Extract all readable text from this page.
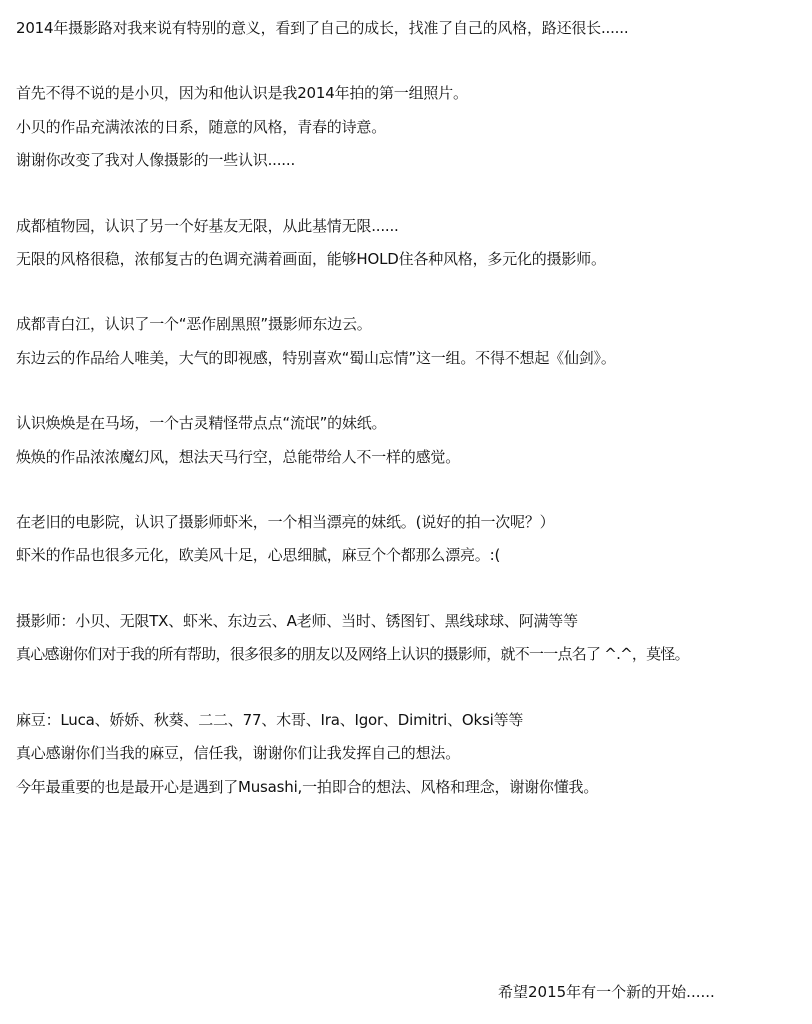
2014年摄影路对我来说有特别的意义，看到了自己的成长，找准了自己的风格，路还很长......
首先不得不说的是小贝，因为和他认识是我2014年拍的第一组照片。
小贝的作品充满浓浓的日系，随意的风格，青春的诗意。
谢谢你改变了我对人像摄影的一些认识......
成都植物园，认识了另一个好基友无限，从此基情无限......
无限的风格很稳，浓郁复古的色调充满着画面，能够HOLD住各种风格，多元化的摄影师。
成都青白江，认识了一个“恶作剧黑照”摄影师东边云。
东边云的作品给人唯美，大气的即视感，特别喜欢“蜀山忘情”这一组。不得不想起《仙剑》。
认识焕焕是在马场，一个古灵精怪带点点“流氓”的妹纸。
焕焕的作品浓浓魔幻风，想法天马行空，总能带给人不一样的感觉。
在老旧的电影院，认识了摄影师虾米，一个相当漂亮的妹纸。(说好的拍一次呢？）
虾米的作品也很多元化，欧美风十足，心思细腻，麻豆个个都那么漂亮。:(
摄影师：小贝、无限TX、虾米、东边云、A老师、当时、锈图钉、黑线球球、阿满等等
真心感谢你们对于我的所有帮助，很多很多的朋友以及网络上认识的摄影师，就不一一点名了 ^.^，莫怪。
麻豆：Luca、娇娇、秋葵、二二、77、木哥、Ira、Igor、Dimitri、Oksi等等
真心感谢你们当我的麻豆，信任我，谢谢你们让我发挥自己的想法。
今年最重要的也是最开心是遇到了Musashi,一拍即合的想法、风格和理念，谢谢你懂我。
希望2015年有一个新的开始......
